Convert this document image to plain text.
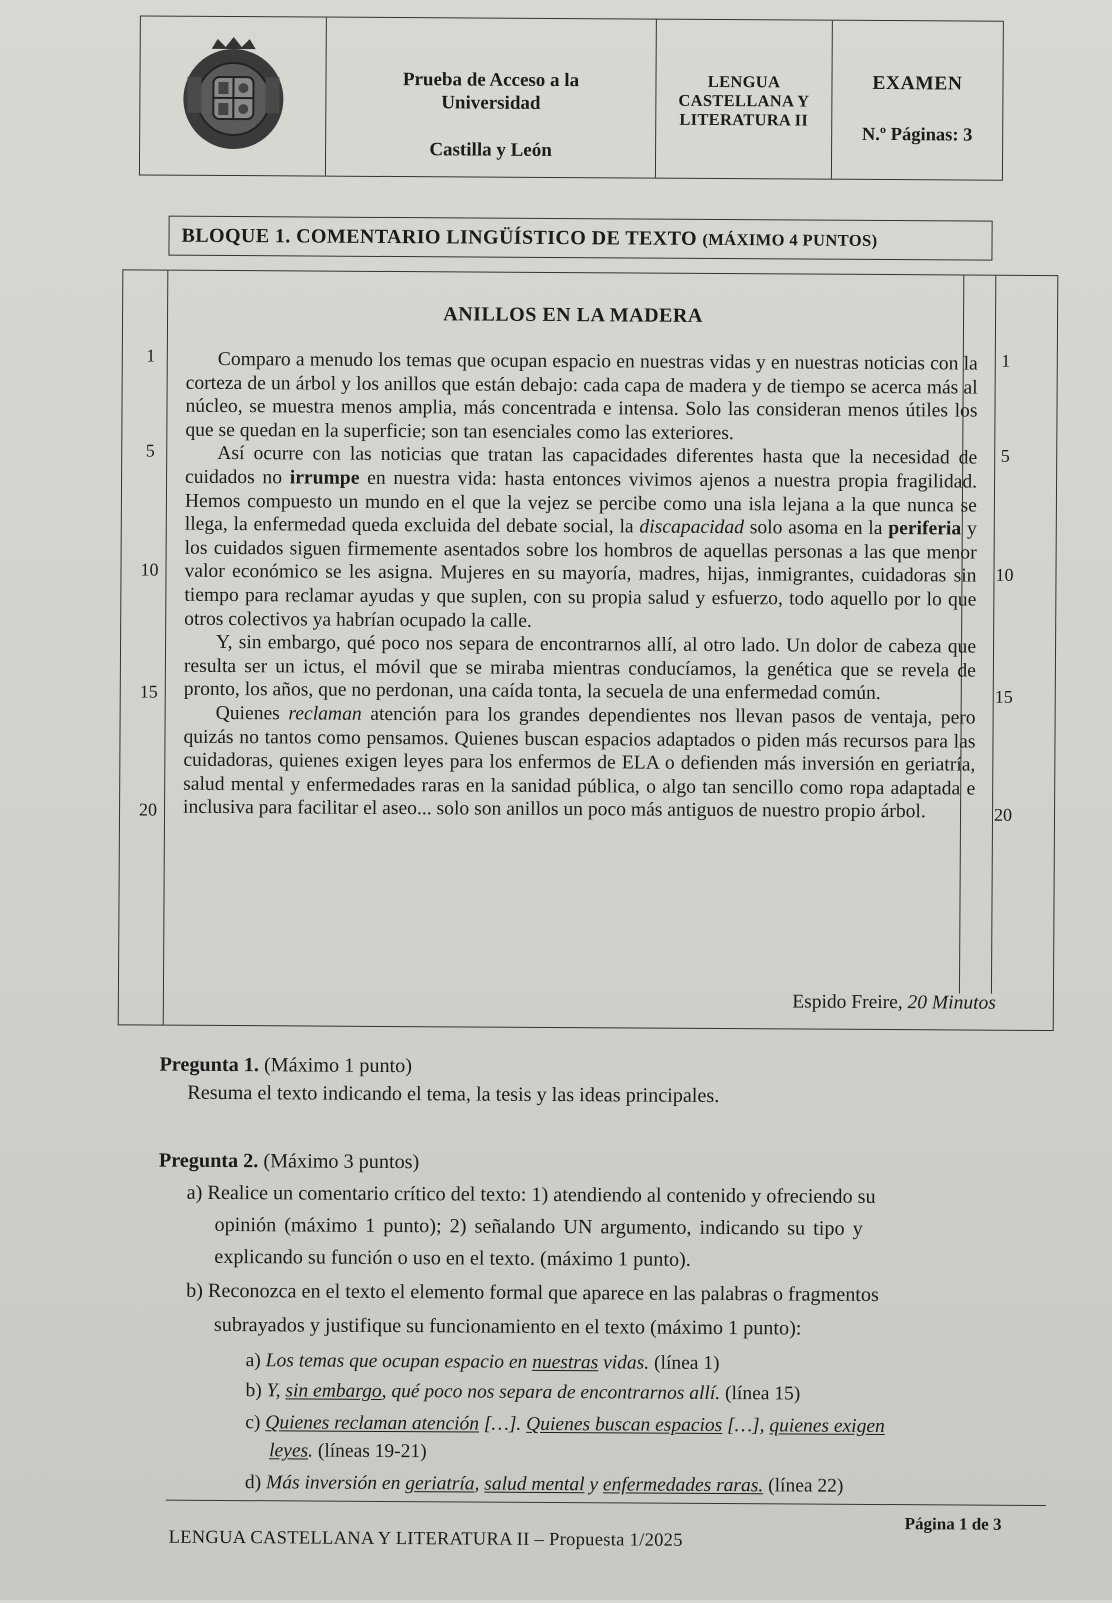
Prueba de Acceso a la
Universidad
Castilla y León
LENGUA
CASTELLANA Y
LITERATURA II
EXAMEN
N.º Páginas: 3
BLOQUE 1. COMENTARIO LINGÜÍSTICO DE TEXTO (MÁXIMO 4 PUNTOS)
ANILLOS EN LA MADERA
1
5
10
15
20
1
5
10
15
20

Comparo a menudo los temas que ocupan espacio en nuestras vidas y en nuestras noticias con la corteza de un árbol y los anillos que están debajo: cada capa de madera y de tiempo se acerca más al núcleo, se muestra menos amplia, más concentrada e intensa. Solo las consideran menos útiles los que se quedan en la superficie; son tan esenciales como las exteriores.

Así ocurre con las noticias que tratan las capacidades diferentes hasta que la necesidad de cuidados no irrumpe en nuestra vida: hasta entonces vivimos ajenos a nuestra propia fragilidad. Hemos compuesto un mundo en el que la vejez se percibe como una isla lejana a la que nunca se llega, la enfermedad queda excluida del debate social, la discapacidad solo asoma en la periferia y los cuidados siguen firmemente asentados sobre los hombros de aquellas personas a las que menor valor económico se les asigna. Mujeres en su mayoría, madres, hijas, inmigrantes, cuidadoras sin tiempo para reclamar ayudas y que suplen, con su propia salud y esfuerzo, todo aquello por lo que otros colectivos ya habrían ocupado la calle.

Y, sin embargo, qué poco nos separa de encontrarnos allí, al otro lado. Un dolor de cabeza que resulta ser un ictus, el móvil que se miraba mientras conducíamos, la genética que se revela de pronto, los años, que no perdonan, una caída tonta, la secuela de una enfermedad común.

Quienes reclaman atención para los grandes dependientes nos llevan pasos de ventaja, pero quizás no tantos como pensamos. Quienes buscan espacios adaptados o piden más recursos para las cuidadoras, quienes exigen leyes para los enfermos de ELA o defienden más inversión en geriatría, salud mental y enfermedades raras en la sanidad pública, o algo tan sencillo como ropa adaptada e inclusiva para facilitar el aseo... solo son anillos un poco más antiguos de nuestro propio árbol.

Espido Freire, 20 Minutos
Pregunta 1. (Máximo 1 punto)
Resuma el texto indicando el tema, la tesis y las ideas principales.
Pregunta 2. (Máximo 3 puntos)
a) Realice un comentario crítico del texto: 1) atendiendo al contenido y ofreciendo su
opinión (máximo 1 punto); 2) señalando UN argumento, indicando su tipo y
explicando su función o uso en el texto. (máximo 1 punto).
b) Reconozca en el texto el elemento formal que aparece en las palabras o fragmentos
subrayados y justifique su funcionamiento en el texto (máximo 1 punto):
a) Los temas que ocupan espacio en nuestras vidas. (línea 1)
b) Y, sin embargo, qué poco nos separa de encontrarnos allí. (línea 15)
c) Quienes reclaman atención […]. Quienes buscan espacios […], quienes exigen
leyes. (líneas 19-21)
d) Más inversión en geriatría, salud mental y enfermedades raras. (línea 22)
LENGUA CASTELLANA Y LITERATURA II – Propuesta 1/2025
Página 1 de 3
